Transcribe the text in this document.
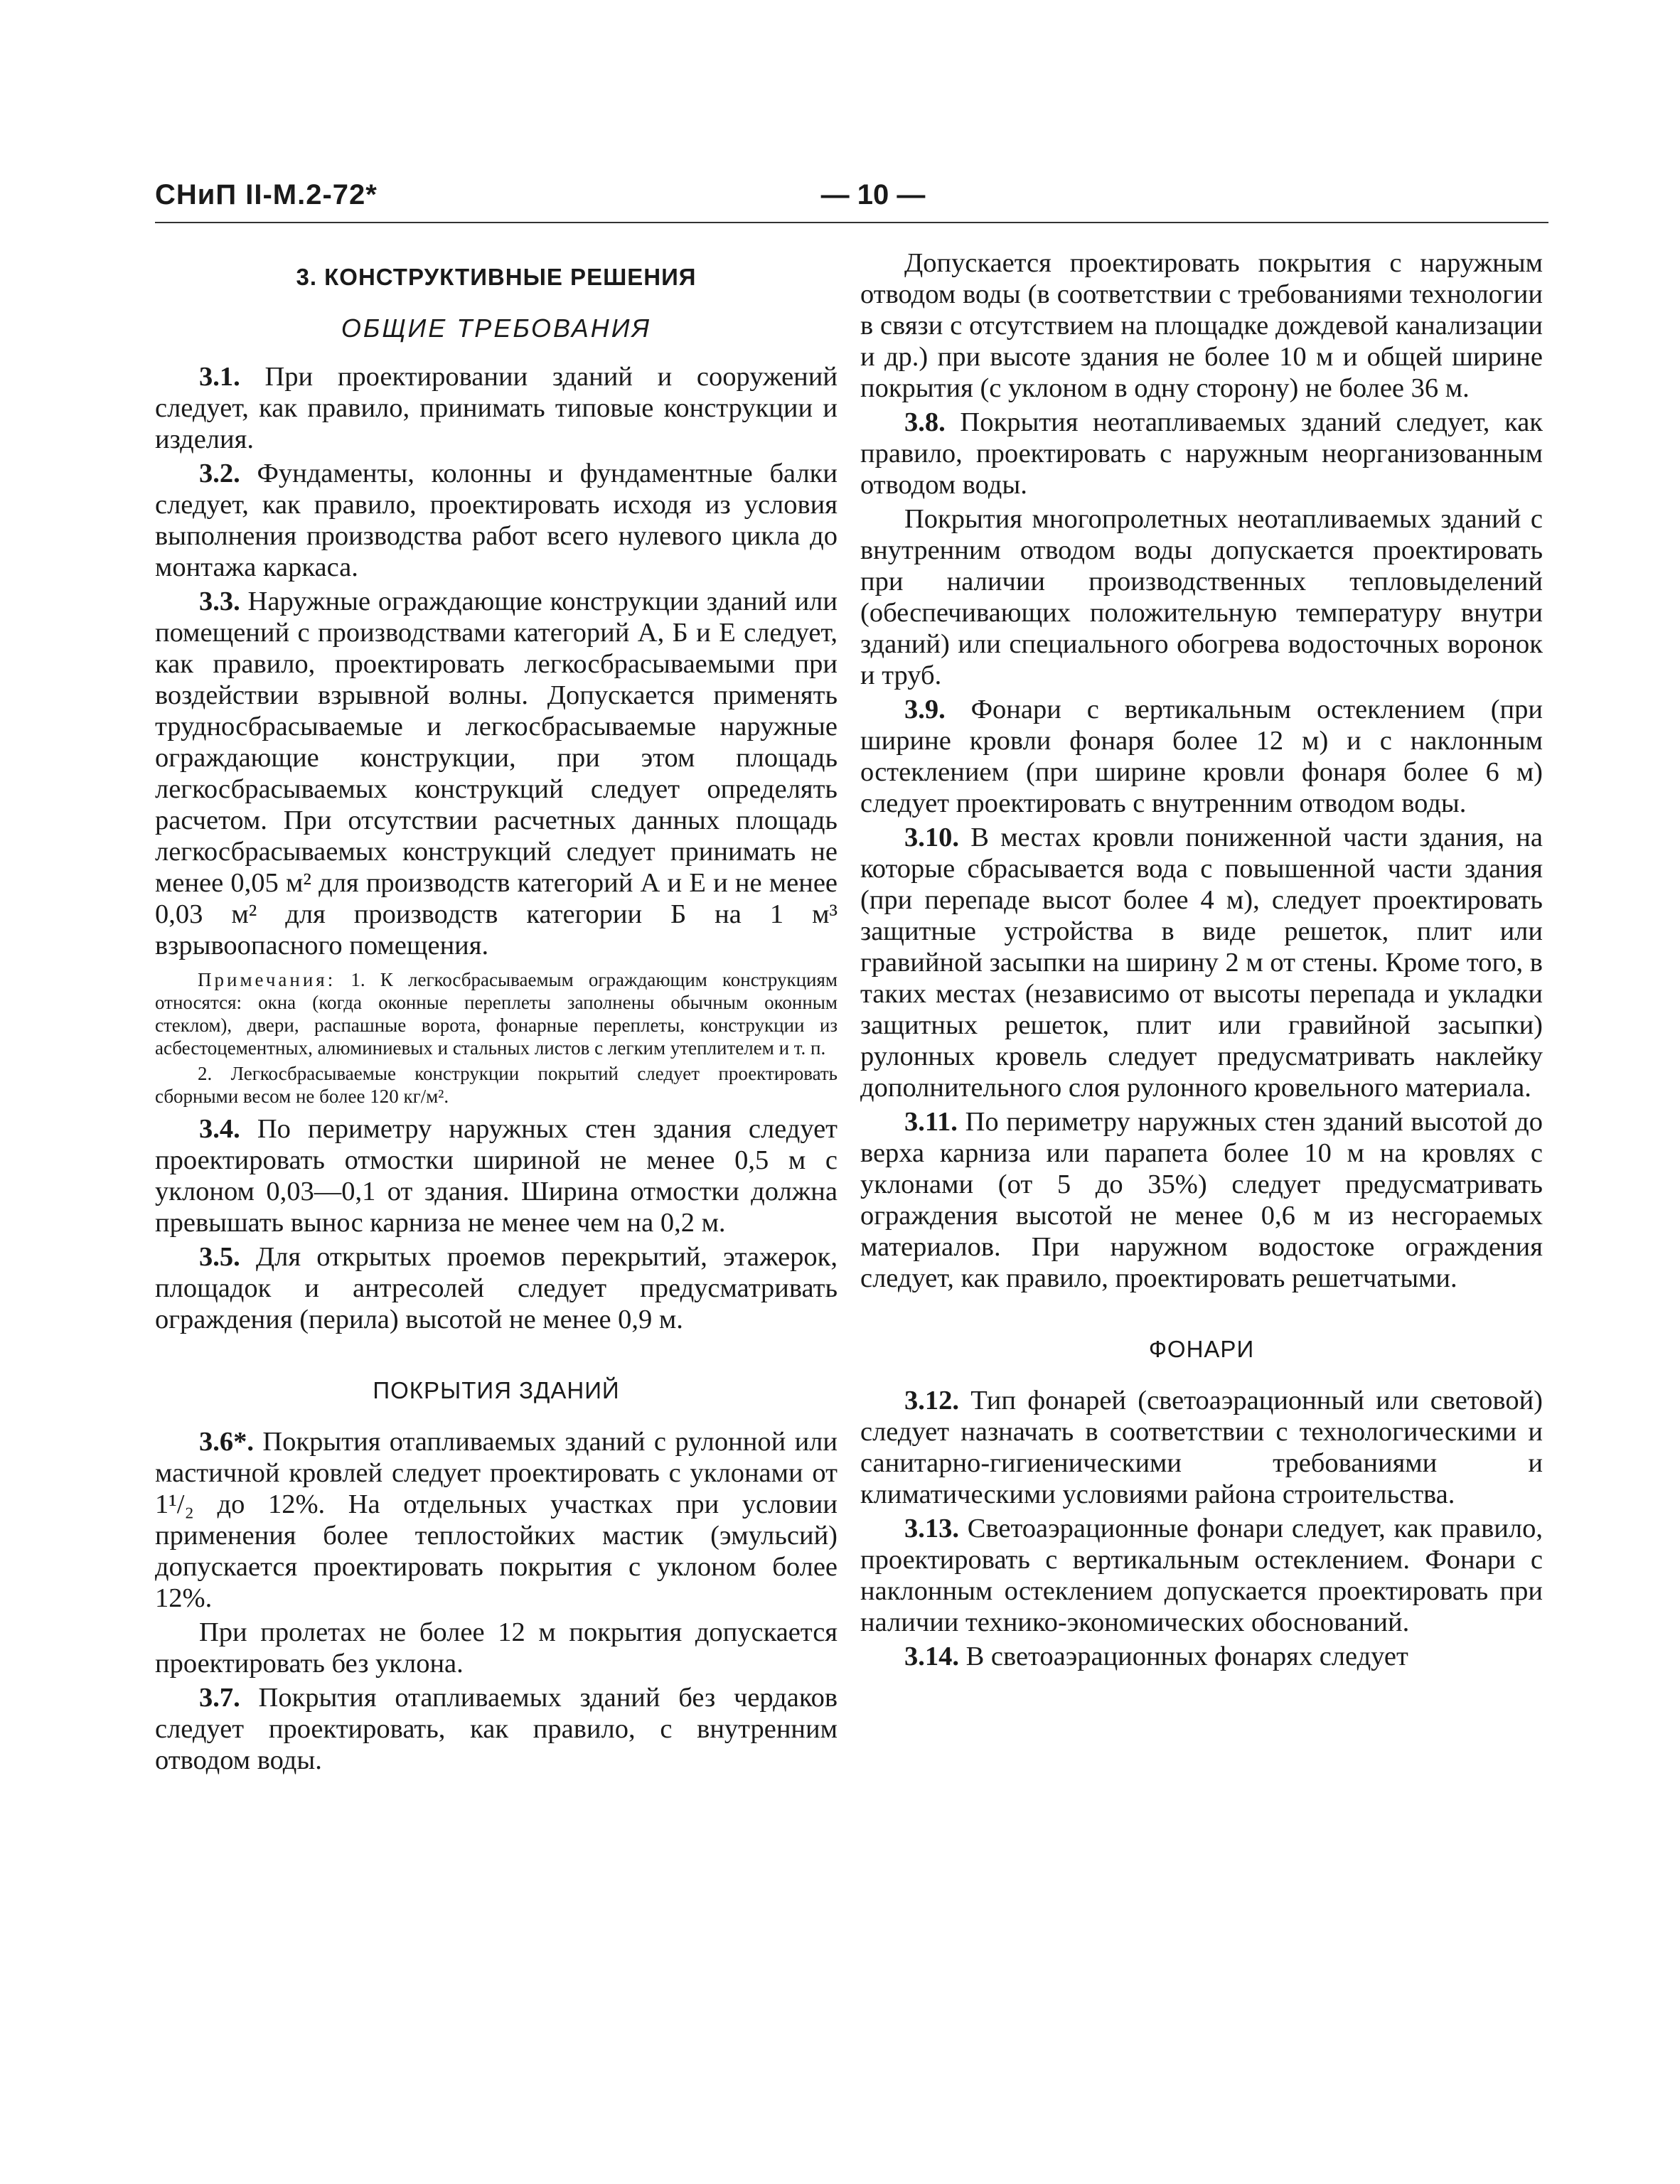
СНиП II-М.2-72*	— 10 —
3. КОНСТРУКТИВНЫЕ РЕШЕНИЯ
ОБЩИЕ ТРЕБОВАНИЯ

3.1. При проектировании зданий и сооружений следует, как правило, принимать типовые конструкции и изделия.

3.2. Фундаменты, колонны и фундаментные балки следует, как правило, проектировать исходя из условия выполнения производства работ всего нулевого цикла до монтажа каркаса.

3.3. Наружные ограждающие конструкции зданий или помещений с производствами категорий А, Б и Е следует, как правило, проектировать легкосбрасываемыми при воздействии взрывной волны. Допускается применять трудносбрасываемые и легкосбрасываемые наружные ограждающие конструкции, при этом площадь легкосбрасываемых конструкций следует определять расчетом. При отсутствии расчетных данных площадь легкосбрасываемых конструкций следует принимать не менее 0,05 м² для производств категорий А и Е и не менее 0,03 м² для производств категории Б на 1 м³ взрывоопасного помещения.

Примечания: 1. К легкосбрасываемым ограждающим конструкциям относятся: окна (когда оконные переплеты заполнены обычным оконным стеклом), двери, распашные ворота, фонарные переплеты, конструкции из асбестоцементных, алюминиевых и стальных листов с легким утеплителем и т. п.

2. Легкосбрасываемые конструкции покрытий следует проектировать сборными весом не более 120 кг/м².

3.4. По периметру наружных стен здания следует проектировать отмостки шириной не менее 0,5 м с уклоном 0,03—0,1 от здания. Ширина отмостки должна превышать вынос карниза не менее чем на 0,2 м.

3.5. Для открытых проемов перекрытий, этажерок, площадок и антресолей следует предусматривать ограждения (перила) высотой не менее 0,9 м.

ПОКРЫТИЯ ЗДАНИЙ

3.6*. Покрытия отапливаемых зданий с рулонной или мастичной кровлей следует проектировать с уклонами от 1¹/₂ до 12%. На отдельных участках при условии применения более теплостойких мастик (эмульсий) допускается проектировать покрытия с уклоном более 12%.

При пролетах не более 12 м покрытия допускается проектировать без уклона.

3.7. Покрытия отапливаемых зданий без чердаков следует проектировать, как правило, с внутренним отводом воды.

Допускается проектировать покрытия с наружным отводом воды (в соответствии с требованиями технологии в связи с отсутствием на площадке дождевой канализации и др.) при высоте здания не более 10 м и общей ширине покрытия (с уклоном в одну сторону) не более 36 м.

3.8. Покрытия неотапливаемых зданий следует, как правило, проектировать с наружным неорганизованным отводом воды.

Покрытия многопролетных неотапливаемых зданий с внутренним отводом воды допускается проектировать при наличии производственных тепловыделений (обеспечивающих положительную температуру внутри зданий) или специального обогрева водосточных воронок и труб.

3.9. Фонари с вертикальным остеклением (при ширине кровли фонаря более 12 м) и с наклонным остеклением (при ширине кровли фонаря более 6 м) следует проектировать с внутренним отводом воды.

3.10. В местах кровли пониженной части здания, на которые сбрасывается вода с повышенной части здания (при перепаде высот более 4 м), следует проектировать защитные устройства в виде решеток, плит или гравийной засыпки на ширину 2 м от стены. Кроме того, в таких местах (независимо от высоты перепада и укладки защитных решеток, плит или гравийной засыпки) рулонных кровель следует предусматривать наклейку дополнительного слоя рулонного кровельного материала.

3.11. По периметру наружных стен зданий высотой до верха карниза или парапета более 10 м на кровлях с уклонами (от 5 до 35%) следует предусматривать ограждения высотой не менее 0,6 м из несгораемых материалов. При наружном водостоке ограждения следует, как правило, проектировать решетчатыми.

ФОНАРИ

3.12. Тип фонарей (светоаэрационный или световой) следует назначать в соответствии с технологическими и санитарно-гигиеническими требованиями и климатическими условиями района строительства.

3.13. Светоаэрационные фонари следует, как правило, проектировать с вертикальным остеклением. Фонари с наклонным остеклением допускается проектировать при наличии технико-экономических обоснований.

3.14. В светоаэрационных фонарях следует
